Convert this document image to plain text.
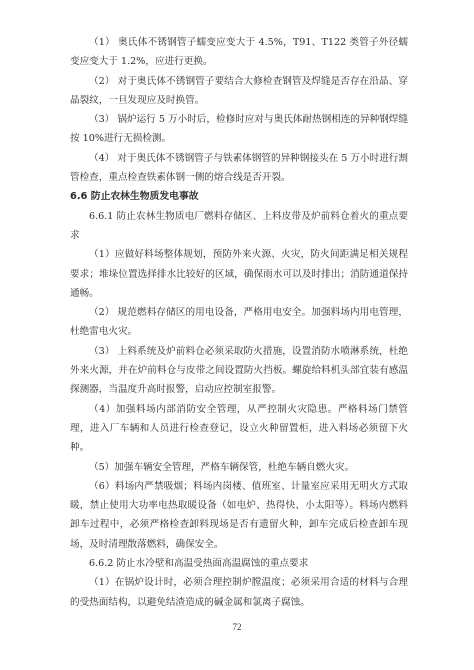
（1） 奥氏体不锈钢管子蠕变应变大于 4.5%，T91、T122 类管子外径蠕变应变大于 1.2%，应进行更换。

（2） 对于奥氏体不锈钢管子要结合大修检查钢管及焊缝是否存在沿晶、穿晶裂纹，一旦发现应及时换管。

（3） 锅炉运行 5 万小时后，检修时应对与奥氏体耐热钢相连的异种钢焊缝按 10%进行无损检测。

（4） 对于奥氏体不锈钢管子与铁素体钢管的异种钢接头在 5 万小时进行割管检查，重点检查铁素体钢一侧的熔合线是否开裂。

6.6 防止农林生物质发电事故

6.6.1 防止农林生物质电厂燃料存储区、上料皮带及炉前料仓着火的重点要求

（1）应做好料场整体规划，预防外来火源、火灾，防火间距满足相关规程要求；堆垛位置选择排水比较好的区域，确保雨水可以及时排出；消防通道保持通畅。

（2） 规范燃料存储区的用电设备，严格用电安全。加强料场内用电管理，杜绝雷电火灾。

（3） 上料系统及炉前料仓必须采取防火措施，设置消防水喷淋系统，杜绝外来火源，并在炉前料仓与皮带之间设置防火挡板。螺旋给料机头部宜装有感温探测器，当温度升高时报警，启动应控制室报警。

（4）加强料场内部消防安全管理，从严控制火灾隐患。严格料场门禁管理，进入厂车辆和人员进行检查登记，设立火种留置柜，进入料场必须留下火种。

（5）加强车辆安全管理，严格车辆保管，杜绝车辆自燃火灾。

（6）料场内严禁吸烟；料场内岗楼、值班室、计量室应采用无明火方式取暖，禁止使用大功率电热取暖设备（如电炉、热得快、小太阳等）。料场内燃料卸车过程中，必须严格检查卸料现场是否有遗留火种，卸车完成后检查卸车现场，及时清理散落燃料，确保安全。

6.6.2 防止水冷壁和高温受热面高温腐蚀的重点要求

（1）在锅炉设计时，必须合理控制炉膛温度；必须采用合适的材料与合理的受热面结构，以避免结渣造成的碱金属和氯离子腐蚀。

72
